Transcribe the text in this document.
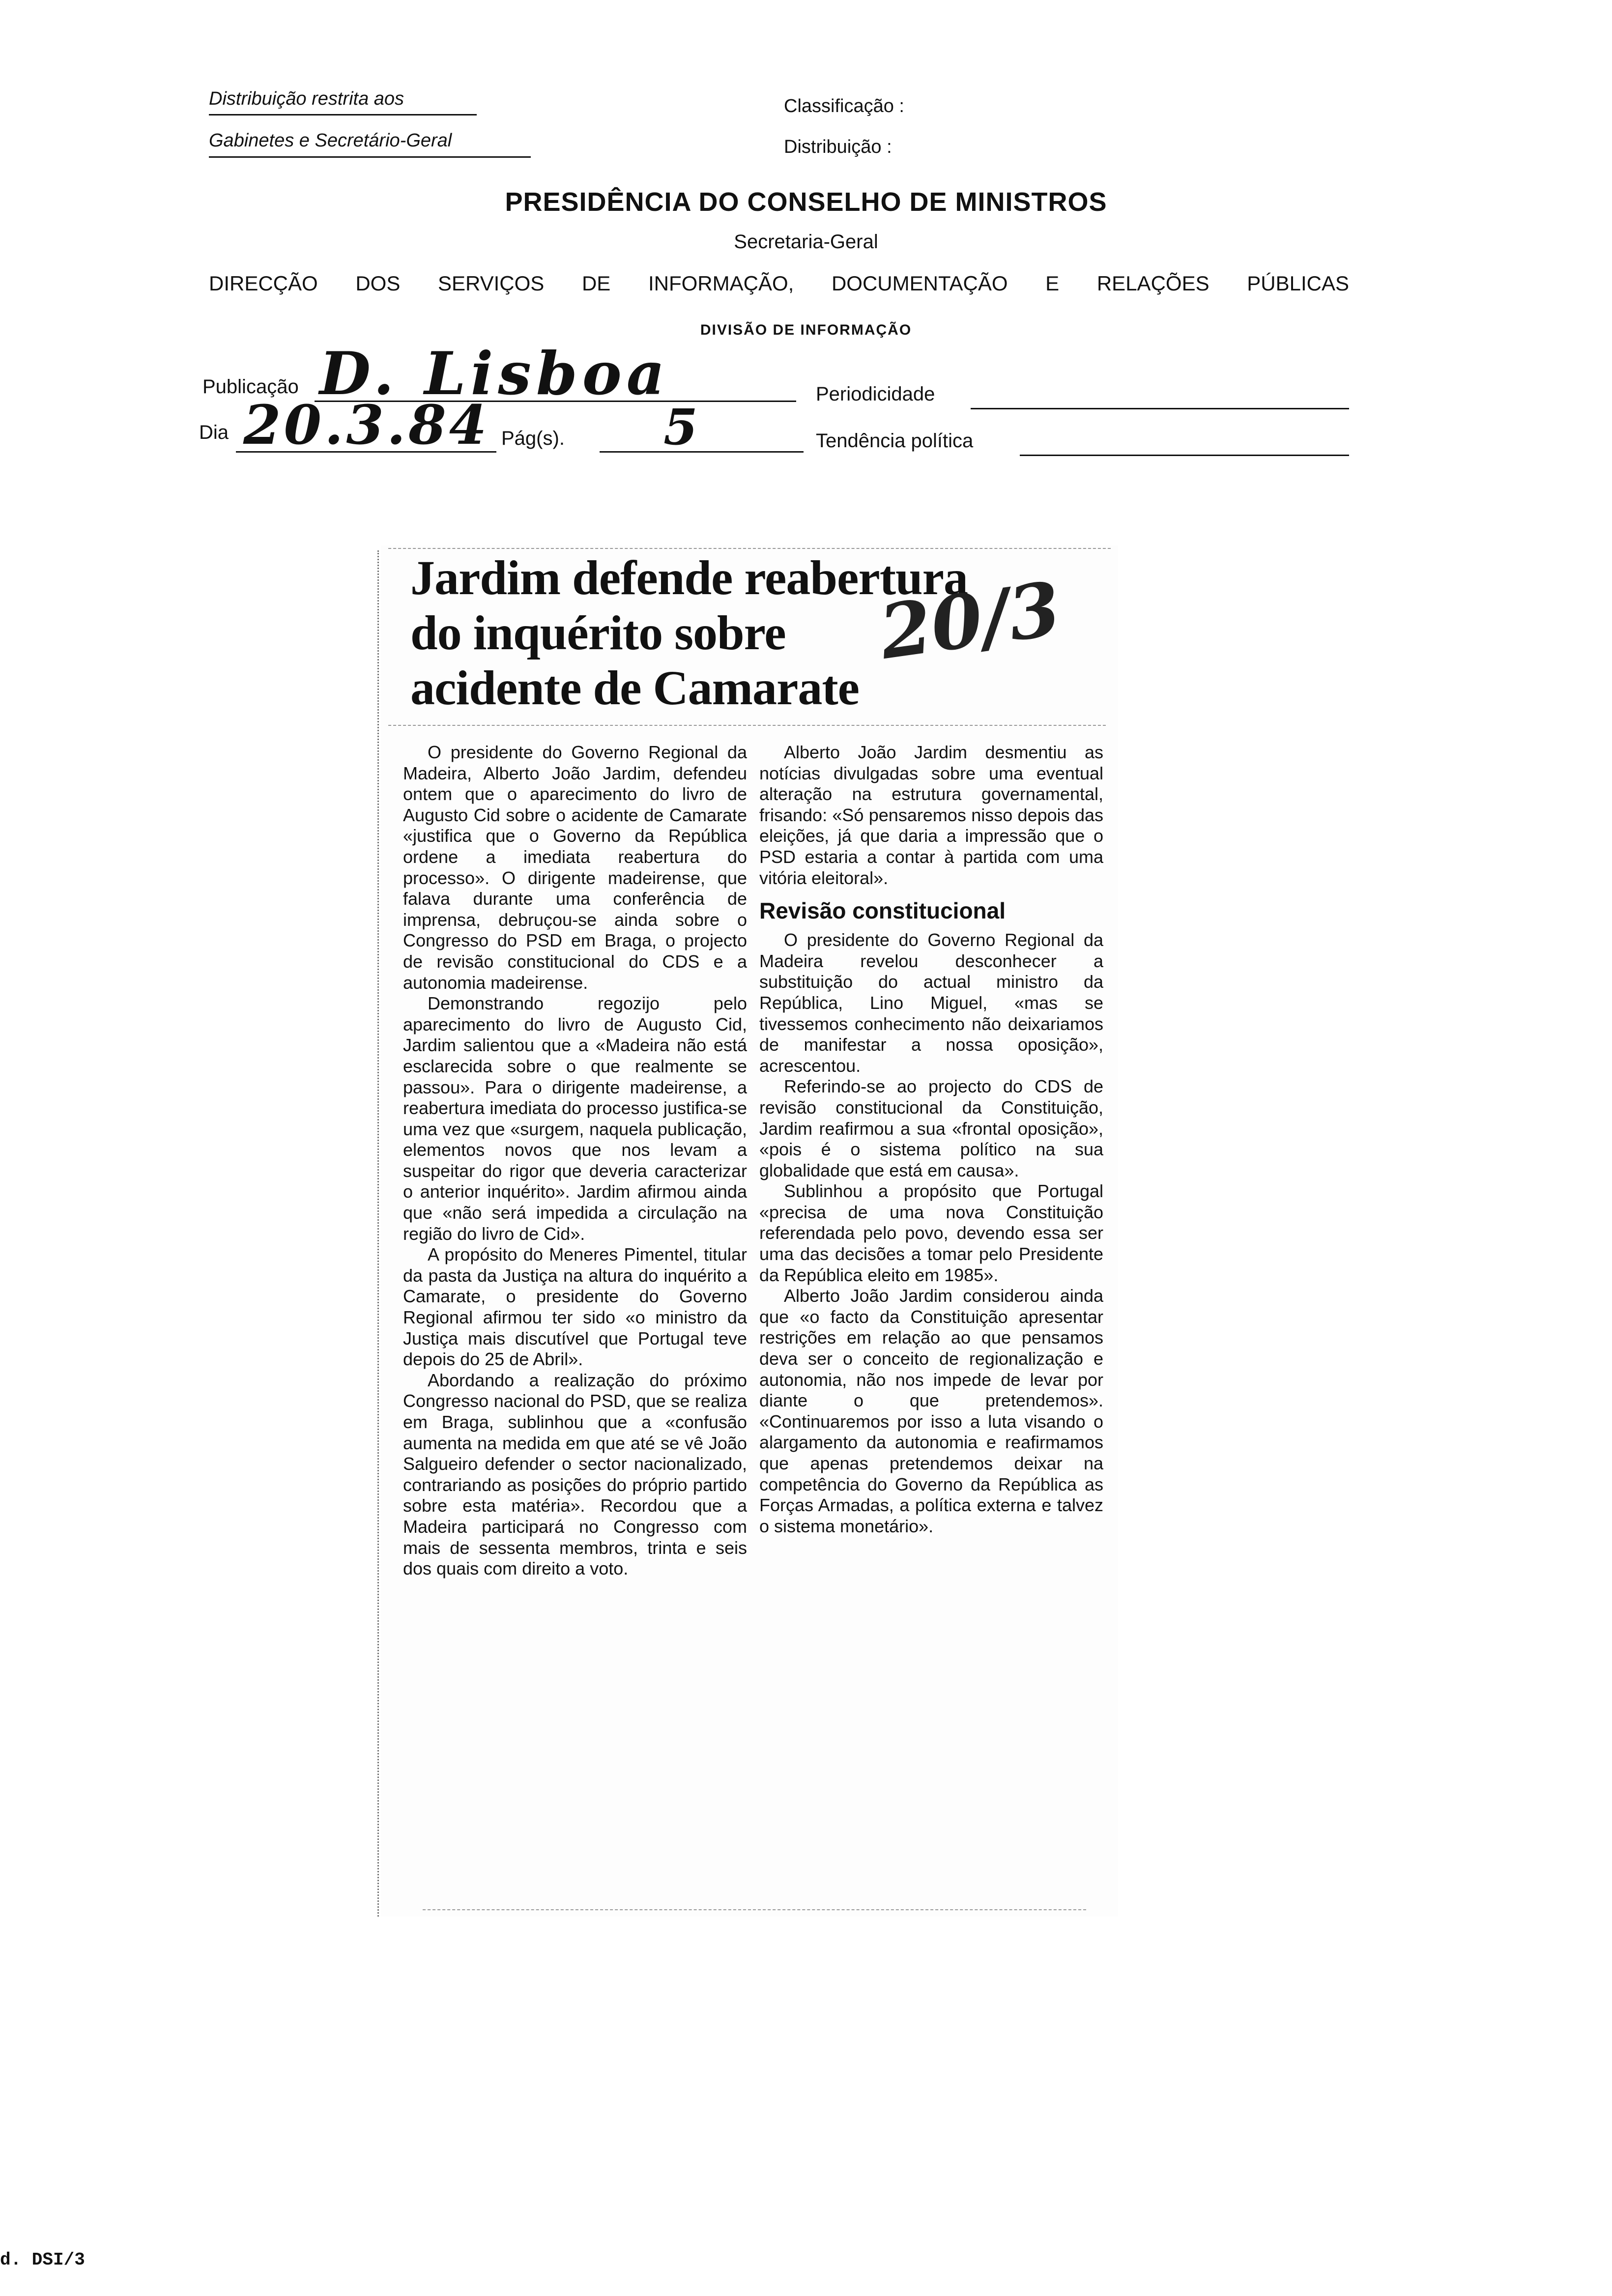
Distribuição restrita aos
Gabinetes e Secretário-Geral
Classificação :
Distribuição :
PRESIDÊNCIA DO CONSELHO DE MINISTROS
Secretaria-Geral
DIRECÇÃO DOS SERVIÇOS DE INFORMAÇÃO, DOCUMENTAÇÃO E RELAÇÕES PÚBLICAS
DIVISÃO DE INFORMAÇÃO
Publicação D. Lisboa	Periodicidade
Dia 20.3.84 Pág(s). 5	Tendência política
Jardim defende reabertura
do inquérito sobre
acidente de Camarate
20/3

O presidente do Governo Regional da Madeira, Alberto João Jardim, defendeu ontem que o aparecimento do livro de Augusto Cid sobre o acidente de Camarate «justifica que o Governo da República ordene a imediata reabertura do processo». O dirigente madeirense, que falava durante uma conferência de imprensa, debruçou-se ainda sobre o Congresso do PSD em Braga, o projecto de revisão constitucional do CDS e a autonomia madeirense.

Demonstrando regozijo pelo aparecimento do livro de Augusto Cid, Jardim salientou que a «Madeira não está esclarecida sobre o que realmente se passou». Para o dirigente madeirense, a reabertura imediata do processo justifica-se uma vez que «surgem, naquela publicação, elementos novos que nos levam a suspeitar do rigor que deveria caracterizar o anterior inquérito». Jardim afirmou ainda que «não será impedida a circulação na região do livro de Cid».

A propósito do Meneres Pimentel, titular da pasta da Justiça na altura do inquérito a Camarate, o presidente do Governo Regional afirmou ter sido «o ministro da Justiça mais discutível que Portugal teve depois do 25 de Abril».

Abordando a realização do próximo Congresso nacional do PSD, que se realiza em Braga, sublinhou que a «confusão aumenta na medida em que até se vê João Salgueiro defender o sector nacionalizado, contrariando as posições do próprio partido sobre esta matéria». Recordou que a Madeira participará no Congresso com mais de sessenta membros, trinta e seis dos quais com direito a voto.

Alberto João Jardim desmentiu as notícias divulgadas sobre uma eventual alteração na estrutura governamental, frisando: «Só pensaremos nisso depois das eleições, já que daria a impressão que o PSD estaria a contar à partida com uma vitória eleitoral».

Revisão constitucional

O presidente do Governo Regional da Madeira revelou desconhecer a substituição do actual ministro da República, Lino Miguel, «mas se tivessemos conhecimento não deixariamos de manifestar a nossa oposição», acrescentou.

Referindo-se ao projecto do CDS de revisão constitucional da Constituição, Jardim reafirmou a sua «frontal oposição», «pois é o sistema político na sua globalidade que está em causa».

Sublinhou a propósito que Portugal «precisa de uma nova Constituição referendada pelo povo, devendo essa ser uma das decisões a tomar pelo Presidente da República eleito em 1985».

Alberto João Jardim considerou ainda que «o facto da Constituição apresentar restrições em relação ao que pensamos deva ser o conceito de regionalização e autonomia, não nos impede de levar por diante o que pretendemos». «Continuaremos por isso a luta visando o alargamento da autonomia e reafirmamos que apenas pretendemos deixar na competência do Governo da República as Forças Armadas, a política externa e talvez o sistema monetário».

d. DSI/3
